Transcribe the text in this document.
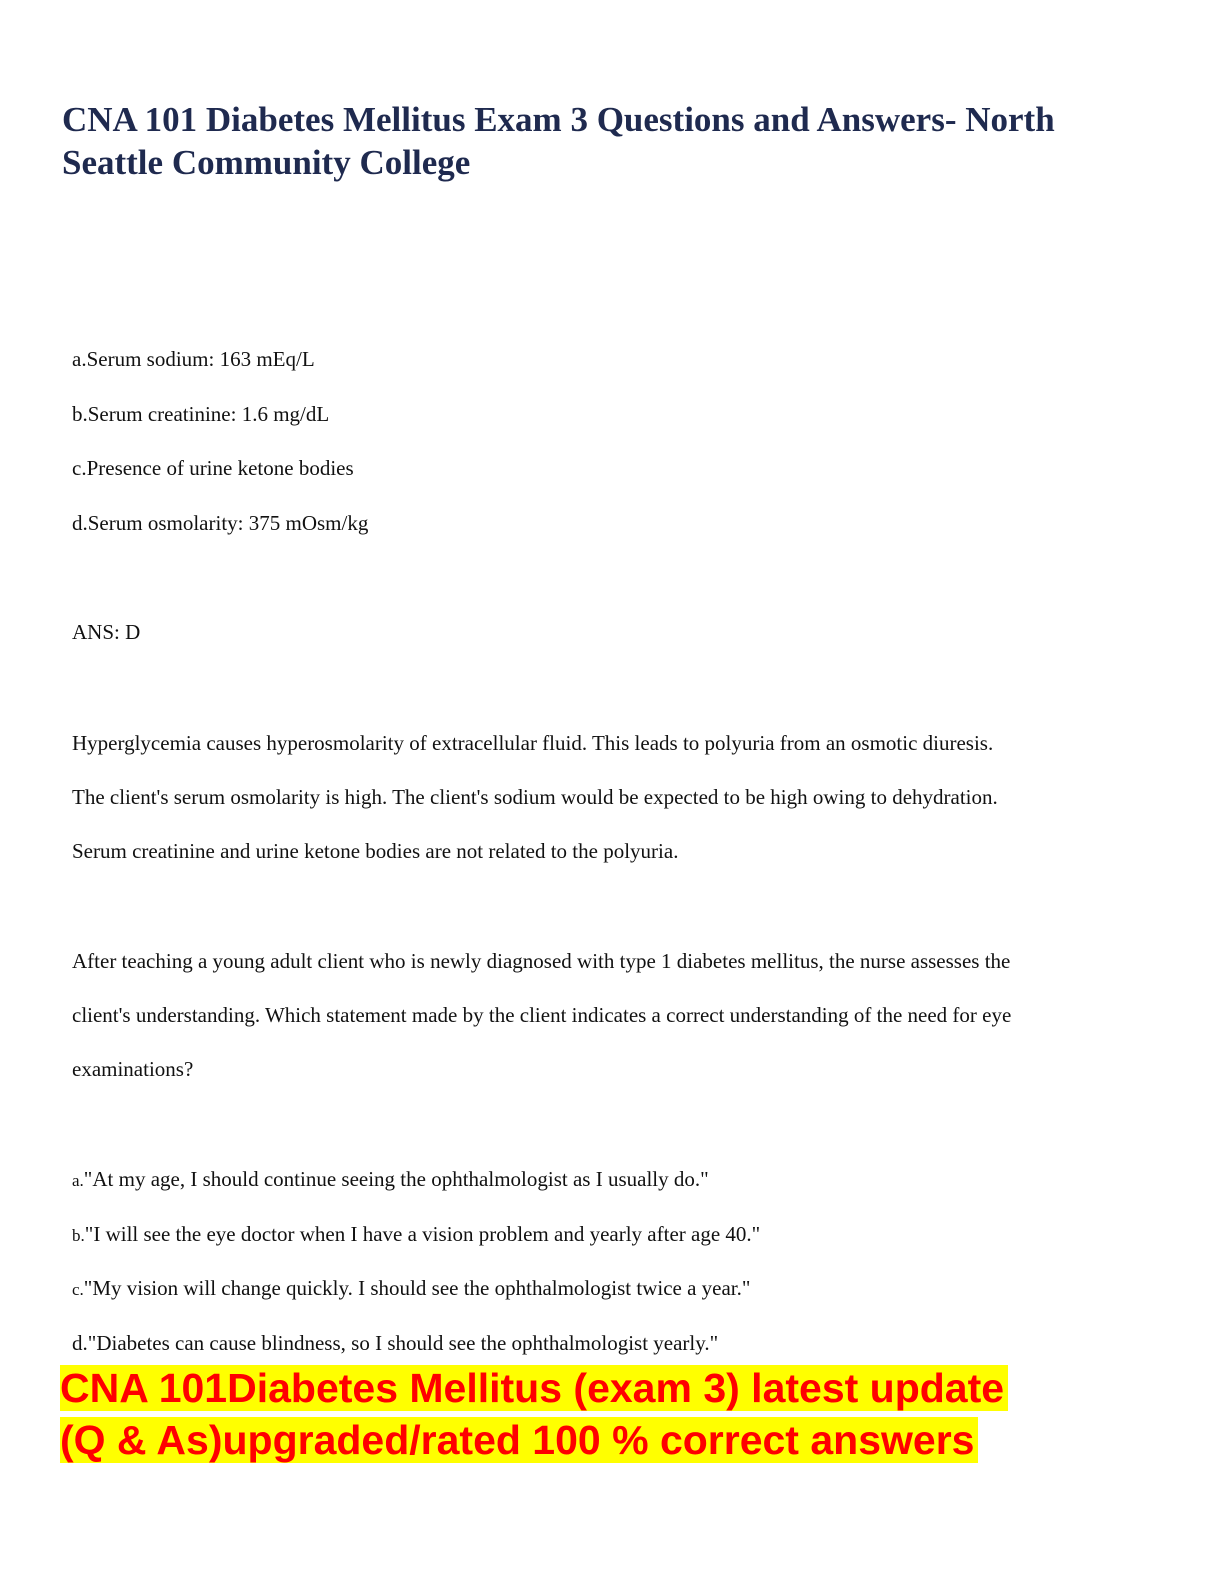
CNA 101 Diabetes Mellitus Exam 3 Questions and Answers- North Seattle Community College

a.Serum sodium: 163 mEq/L

b.Serum creatinine: 1.6 mg/dL

c.Presence of urine ketone bodies

d.Serum osmolarity: 375 mOsm/kg

ANS: D

Hyperglycemia causes hyperosmolarity of extracellular fluid. This leads to polyuria from an osmotic diuresis.

The client's serum osmolarity is high. The client's sodium would be expected to be high owing to dehydration.

Serum creatinine and urine ketone bodies are not related to the polyuria.

After teaching a young adult client who is newly diagnosed with type 1 diabetes mellitus, the nurse assesses the

client's understanding. Which statement made by the client indicates a correct understanding of the need for eye

examinations?

a."At my age, I should continue seeing the ophthalmologist as I usually do."

b."I will see the eye doctor when I have a vision problem and yearly after age 40."

c."My vision will change quickly. I should see the ophthalmologist twice a year."

d."Diabetes can cause blindness, so I should see the ophthalmologist yearly."

CNA 101Diabetes Mellitus (exam 3) latest update
(Q & As)upgraded/rated 100 % correct answers
